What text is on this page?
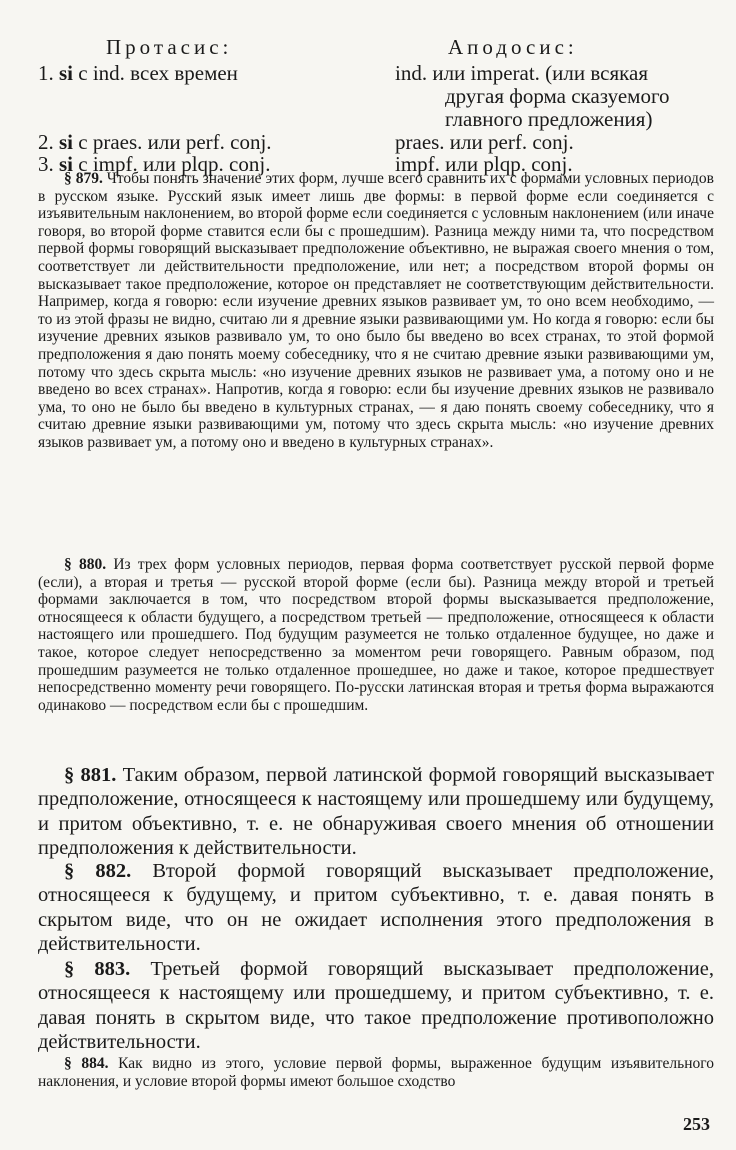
Протасис:	Аподосис:
1. si c ind. всех времен	ind. или imperat. (или всякая
другая форма сказуемого
главного предложения)
2. si c praes. или perf. conj.	praes. или perf. conj.
3. si c impf. или plqp. conj.	impf. или plqp. conj.

§ 879. Чтобы понять значение этих форм, лучше всего сравнить их с формами условных периодов в русском языке. Русский язык имеет лишь две формы: в первой форме если соединяется с изъявительным наклонением, во второй форме если соединяется с условным наклонением (или иначе говоря, во второй форме ставится если бы с прошедшим). Разница между ними та, что посредством первой формы говорящий высказывает предположение объективно, не выражая своего мнения о том, соответствует ли действительности предположение, или нет; а посредством второй формы он высказывает такое предположение, которое он представляет не соответствующим действительности. Например, когда я говорю: если изучение древних языков развивает ум, то оно всем необходимо, — то из этой фразы не видно, считаю ли я древние языки развивающими ум. Но когда я говорю: если бы изучение древних языков развивало ум, то оно было бы введено во всех странах, то этой формой предположения я даю понять моему собеседнику, что я не считаю древние языки развивающими ум, потому что здесь скрыта мысль: «но изучение древних языков не развивает ума, а потому оно и не введено во всех странах». Напротив, когда я говорю: если бы изучение древних языков не развивало ума, то оно не было бы введено в культурных странах, — я даю понять своему собеседнику, что я считаю древние языки развивающими ум, потому что здесь скрыта мысль: «но изучение древних языков развивает ум, а потому оно и введено в культурных странах».

§ 880. Из трех форм условных периодов, первая форма соответствует русской первой форме (если), а вторая и третья — русской второй форме (если бы). Разница между второй и третьей формами заключается в том, что посредством второй формы высказывается предположение, относящееся к области будущего, а посредством третьей — предположение, относящееся к области настоящего или прошедшего. Под будущим разумеется не только отдаленное будущее, но даже и такое, которое следует непосредственно за моментом речи говорящего. Равным образом, под прошедшим разумеется не только отдаленное прошедшее, но даже и такое, которое предшествует непосредственно моменту речи говорящего. По-русски латинская вторая и третья форма выражаются одинаково — посредством если бы с прошедшим.

§ 881. Таким образом, первой латинской формой говорящий высказывает предположение, относящееся к настоящему или прошедшему или будущему, и притом объективно, т. е. не обнаруживая своего мнения об отношении предположения к действительности.

§ 882. Второй формой говорящий высказывает предположение, относящееся к будущему, и притом субъективно, т. е. давая понять в скрытом виде, что он не ожидает исполнения этого предположения в действительности.

§ 883. Третьей формой говорящий высказывает предположение, относящееся к настоящему или прошедшему, и притом субъективно, т. е. давая понять в скрытом виде, что такое предположение противоположно действительности.

§ 884. Как видно из этого, условие первой формы, выраженное будущим изъявительного наклонения, и условие второй формы имеют большое сходство

253
